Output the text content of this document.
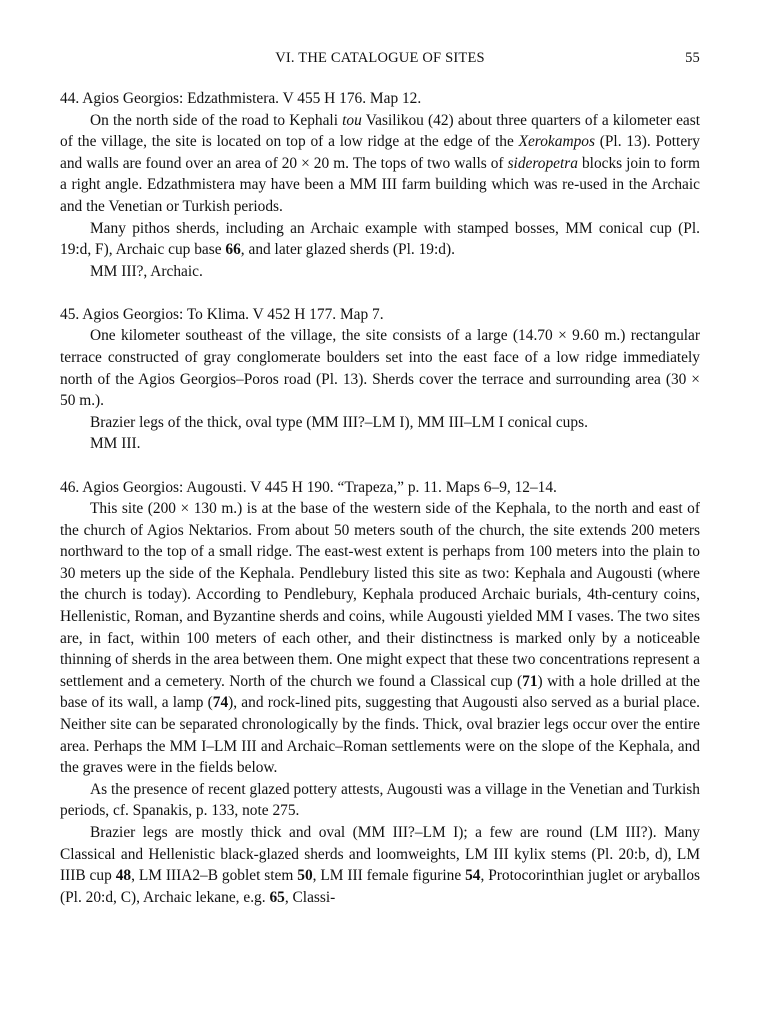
VI. THE CATALOGUE OF SITES	55

44. Agios Georgios: Edzathmistera. V 455 H 176. Map 12.

On the north side of the road to Kephali tou Vasilikou (42) about three quarters of a kilometer east of the village, the site is located on top of a low ridge at the edge of the Xerokampos (Pl. 13). Pottery and walls are found over an area of 20 × 20 m. The tops of two walls of sideropetra blocks join to form a right angle. Edzathmistera may have been a MM III farm building which was re-used in the Archaic and the Venetian or Turkish periods.

Many pithos sherds, including an Archaic example with stamped bosses, MM conical cup (Pl. 19:d, F), Archaic cup base 66, and later glazed sherds (Pl. 19:d).

MM III?, Archaic.

45. Agios Georgios: To Klima. V 452 H 177. Map 7.

One kilometer southeast of the village, the site consists of a large (14.70 × 9.60 m.) rectangular terrace constructed of gray conglomerate boulders set into the east face of a low ridge immediately north of the Agios Georgios–Poros road (Pl. 13). Sherds cover the terrace and surrounding area (30 × 50 m.).

Brazier legs of the thick, oval type (MM III?–LM I), MM III–LM I conical cups.

MM III.

46. Agios Georgios: Augousti. V 445 H 190. “Trapeza,” p. 11. Maps 6–9, 12–14.

This site (200 × 130 m.) is at the base of the western side of the Kephala, to the north and east of the church of Agios Nektarios. From about 50 meters south of the church, the site extends 200 meters northward to the top of a small ridge. The east-west extent is perhaps from 100 meters into the plain to 30 meters up the side of the Kephala. Pendlebury listed this site as two: Kephala and Augousti (where the church is today). According to Pendlebury, Kephala produced Archaic burials, 4th-century coins, Hellenistic, Roman, and Byzantine sherds and coins, while Augousti yielded MM I vases. The two sites are, in fact, within 100 meters of each other, and their distinctness is marked only by a noticeable thinning of sherds in the area between them. One might expect that these two concentrations represent a settlement and a cemetery. North of the church we found a Classical cup (71) with a hole drilled at the base of its wall, a lamp (74), and rock-lined pits, suggesting that Augousti also served as a burial place. Neither site can be separated chronologically by the finds. Thick, oval brazier legs occur over the entire area. Perhaps the MM I–LM III and Archaic–Roman settlements were on the slope of the Kephala, and the graves were in the fields below.

As the presence of recent glazed pottery attests, Augousti was a village in the Venetian and Turkish periods, cf. Spanakis, p. 133, note 275.

Brazier legs are mostly thick and oval (MM III?–LM I); a few are round (LM III?). Many Classical and Hellenistic black-glazed sherds and loomweights, LM III kylix stems (Pl. 20:b, d), LM IIIB cup 48, LM IIIA2–B goblet stem 50, LM III female figurine 54, Protocorinthian juglet or aryballos (Pl. 20:d, C), Archaic lekane, e.g. 65, Classi-
